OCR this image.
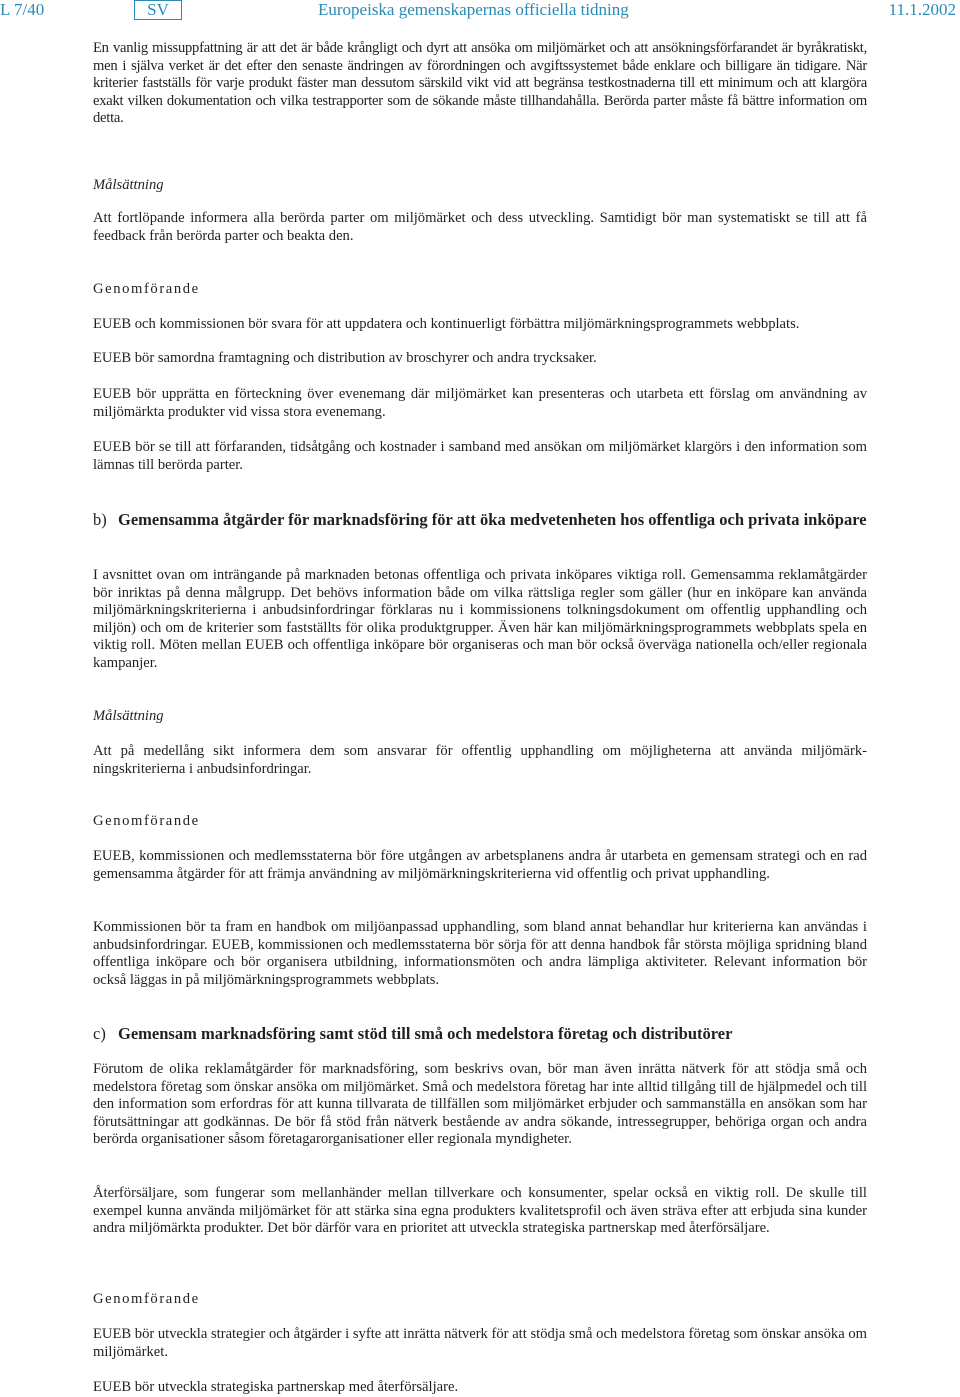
L 7/40	SV	Europeiska gemenskapernas officiella tidning	11.1.2002

En vanlig missuppfattning är att det är både krångligt och dyrt att ansöka om miljömärket och att ansökningsförfarandet är byråkratiskt, men i själva verket är det efter den senaste ändringen av förordningen och avgiftssystemet både enklare och billigare än tidigare. När kriterier fastställs för varje produkt fäster man dessutom särskild vikt vid att begränsa testkostnaderna till ett minimum och att klargöra exakt vilken dokumentation och vilka testrapporter som de sökande måste tillhandahålla. Berörda parter måste få bättre information om detta.

Målsättning

Att fortlöpande informera alla berörda parter om miljömärket och dess utveckling. Samtidigt bör man systematiskt se till att få feedback från berörda parter och beakta den.

Genomförande

EUEB och kommissionen bör svara för att uppdatera och kontinuerligt förbättra miljömärkningsprogrammets webbplats.

EUEB bör samordna framtagning och distribution av broschyrer och andra trycksaker.

EUEB bör upprätta en förteckning över evenemang där miljömärket kan presenteras och utarbeta ett förslag om användning av miljömärkta produkter vid vissa stora evenemang.

EUEB bör se till att förfaranden, tidsåtgång och kostnader i samband med ansökan om miljömärket klargörs i den information som lämnas till berörda parter.

b) Gemensamma åtgärder för marknadsföring för att öka medvetenheten hos offentliga och privata inköpare

I avsnittet ovan om inträngande på marknaden betonas offentliga och privata inköpares viktiga roll. Gemensamma reklamåtgärder bör inriktas på denna målgrupp. Det behövs information både om vilka rättsliga regler som gäller (hur en inköpare kan använda miljömärkningskriterierna i anbudsinfordringar förklaras nu i kommissionens tolkningsdokument om offentlig upphandling och miljön) och om de kriterier som fastställts för olika produktgrupper. Även här kan miljömärkningsprogrammets webbplats spela en viktig roll. Möten mellan EUEB och offentliga inköpare bör organiseras och man bör också överväga nationella och/eller regionala kampanjer.

Målsättning

Att på medellång sikt informera dem som ansvarar för offentlig upphandling om möjligheterna att använda miljömärkningskriterierna i anbudsinfordringar.

Genomförande

EUEB, kommissionen och medlemsstaterna bör före utgången av arbetsplanens andra år utarbeta en gemensam strategi och en rad gemensamma åtgärder för att främja användning av miljömärkningskriterierna vid offentlig och privat upphandling.

Kommissionen bör ta fram en handbok om miljöanpassad upphandling, som bland annat behandlar hur kriterierna kan användas i anbudsinfordringar. EUEB, kommissionen och medlemsstaterna bör sörja för att denna handbok får största möjliga spridning bland offentliga inköpare och bör organisera utbildning, informationsmöten och andra lämpliga aktiviteter. Relevant information bör också läggas in på miljömärkningsprogrammets webbplats.

c) Gemensam marknadsföring samt stöd till små och medelstora företag och distributörer

Förutom de olika reklamåtgärder för marknadsföring, som beskrivs ovan, bör man även inrätta nätverk för att stödja små och medelstora företag som önskar ansöka om miljömärket. Små och medelstora företag har inte alltid tillgång till de hjälpmedel och till den information som erfordras för att kunna tillvarata de tillfällen som miljömärket erbjuder och sammanställa en ansökan som har förutsättningar att godkännas. De bör få stöd från nätverk bestående av andra sökande, intressegrupper, behöriga organ och andra berörda organisationer såsom företagarorganisationer eller regionala myndigheter.

Återförsäljare, som fungerar som mellanhänder mellan tillverkare och konsumenter, spelar också en viktig roll. De skulle till exempel kunna använda miljömärket för att stärka sina egna produkters kvalitetsprofil och även sträva efter att erbjuda sina kunder andra miljömärkta produkter. Det bör därför vara en prioritet att utveckla strategiska partnerskap med återförsäljare.

Genomförande

EUEB bör utveckla strategier och åtgärder i syfte att inrätta nätverk för att stödja små och medelstora företag som önskar ansöka om miljömärket.

EUEB bör utveckla strategiska partnerskap med återförsäljare.
